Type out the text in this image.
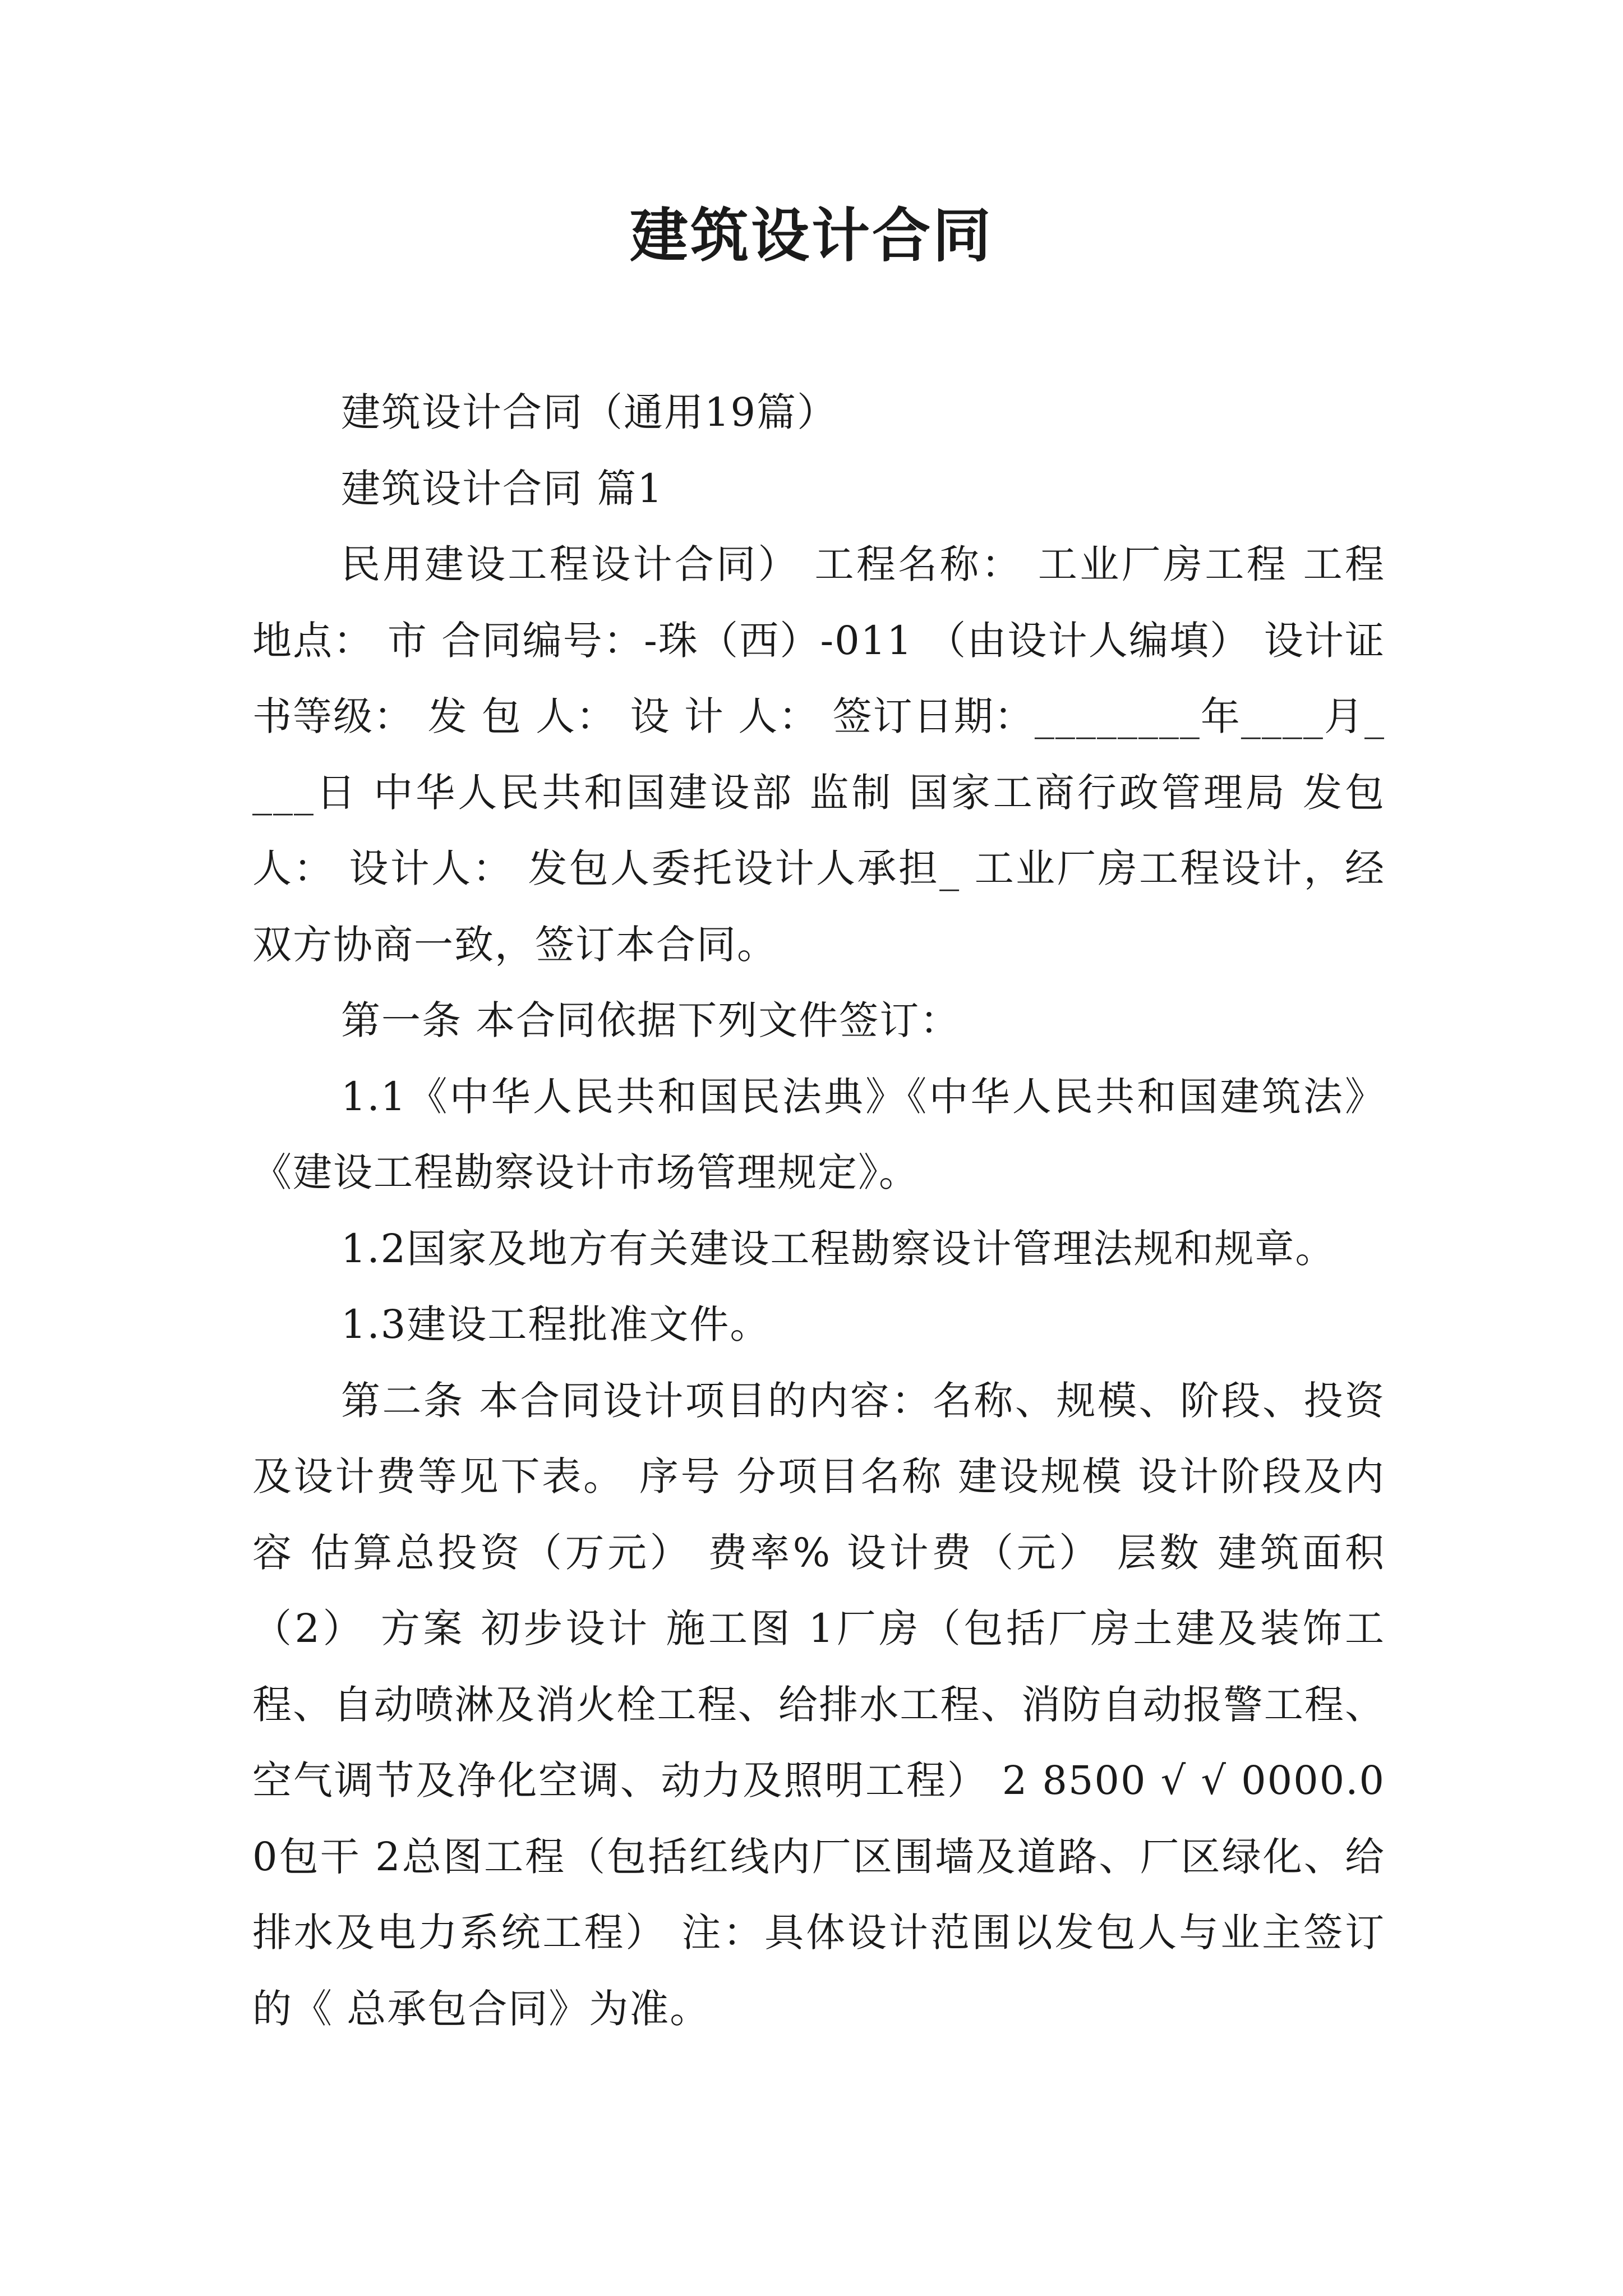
建筑设计合同

建筑设计合同（通用19篇）

建筑设计合同 篇1

民用建设工程设计合同） 工程名称： 工业厂房工程 工程地点： 市 合同编号：-珠（西）-011 （由设计人编填） 设计证书等级： 发 包 人： 设 计 人： 签订日期：________年____月____日 中华人民共和国建设部 监制 国家工商行政管理局 发包人： 设计人： 发包人委托设计人承担_ 工业厂房工程设计，经双方协商一致，签订本合同。

第一条 本合同依据下列文件签订：

1.1《中华人民共和国民法典》《中华人民共和国建筑法》《建设工程勘察设计市场管理规定》。

1.2国家及地方有关建设工程勘察设计管理法规和规章。

1.3建设工程批准文件。

第二条 本合同设计项目的内容：名称、规模、阶段、投资及设计费等见下表。 序号 分项目名称 建设规模 设计阶段及内容 估算总投资（万元） 费率% 设计费（元） 层数 建筑面积（2） 方案 初步设计 施工图 1厂房（包括厂房土建及装饰工程、自动喷淋及消火栓工程、给排水工程、消防自动报警工程、空气调节及净化空调、动力及照明工程） 2 8500 √ √ 0000.00包干 2总图工程（包括红线内厂区围墙及道路、厂区绿化、给排水及电力系统工程） 注：具体设计范围以发包人与业主签订的《 总承包合同》为准。
